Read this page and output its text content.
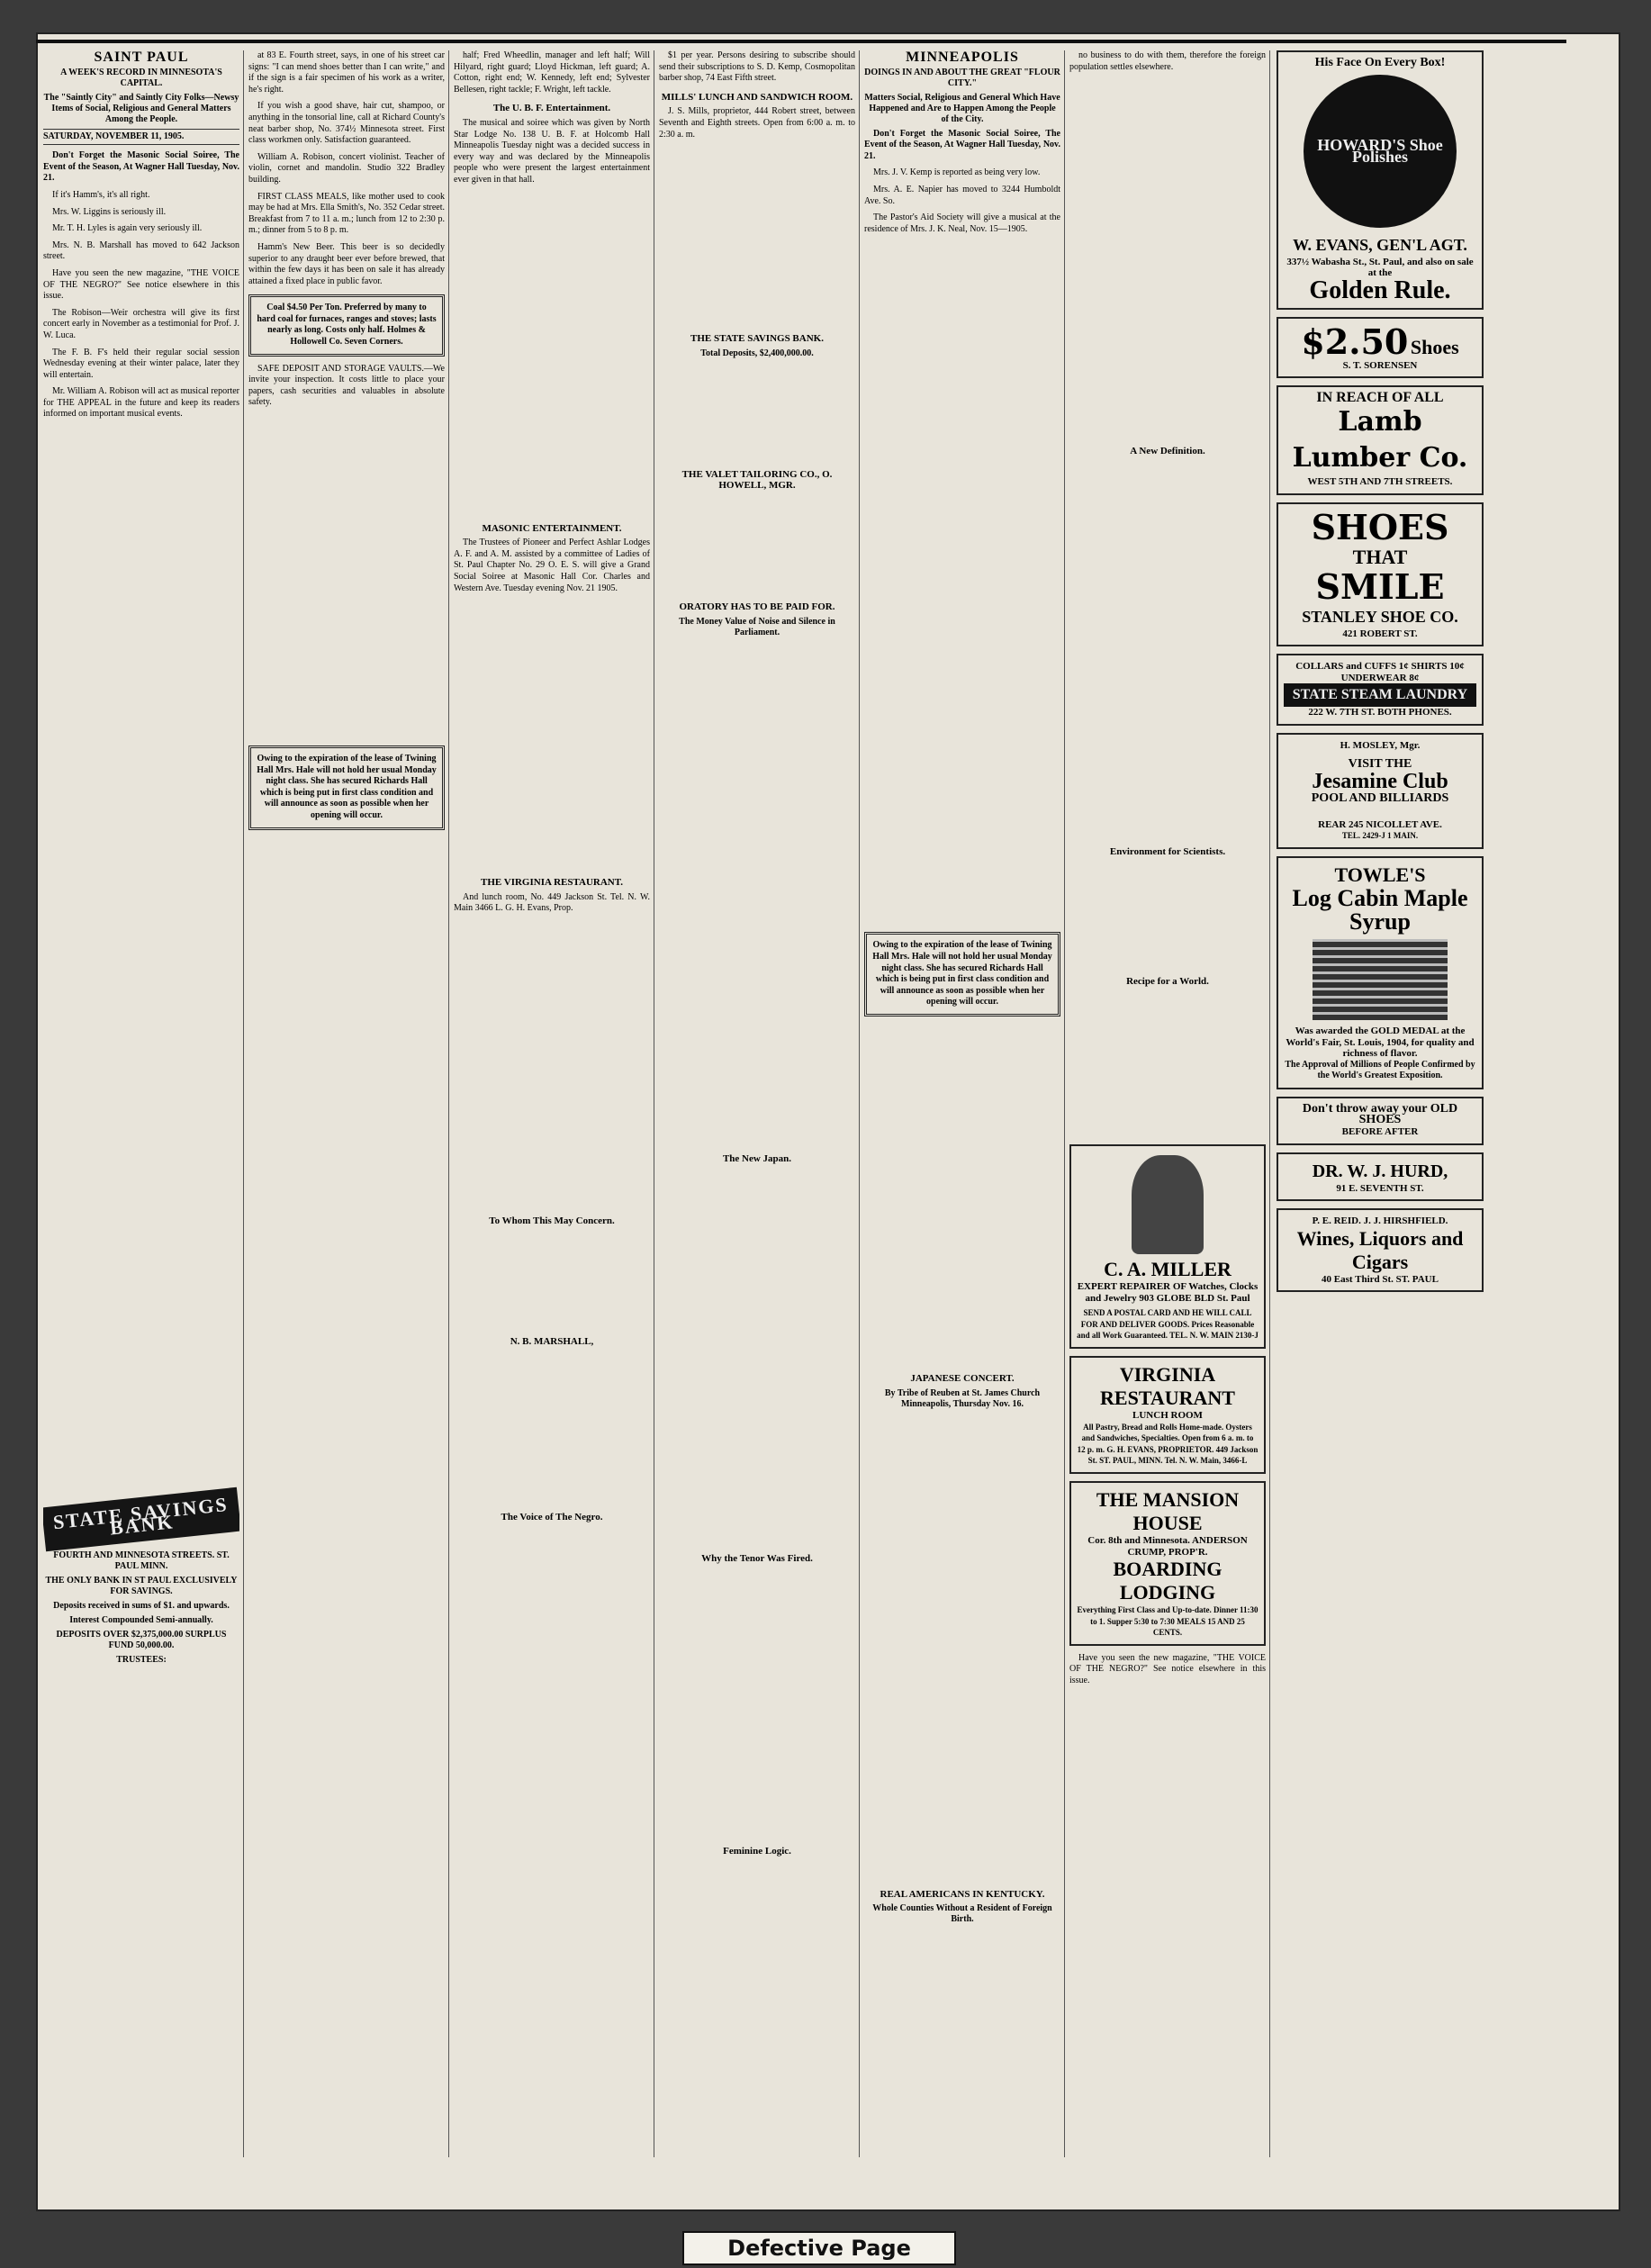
SAINT PAUL
A WEEK'S RECORD IN MINNESOTA'S CAPITAL.
The "Saintly City" and Saintly City Folks—Newsy Items of Social, Religious and General Matters Among the People.
SATURDAY, NOVEMBER 11, 1905.

Don't Forget the Masonic Social Soiree, The Event of the Season, At Wagner Hall Tuesday, Nov. 21.

If it's Hamm's, it's all right.

Mrs. W. Liggins is seriously ill.

Mr. T. H. Lyles is again very seriously ill.

Mrs. N. B. Marshall has moved to 642 Jackson street.

Have you seen the new magazine, "THE VOICE OF THE NEGRO?" See notice elsewhere in this issue.

The Robison—Weir orchestra will give its first concert early in November as a testimonial for Prof. J. W. Luca.

The F. B. F's held their regular social session Wednesday evening at their winter palace, later they will entertain.

Mr. William A. Robison will act as musical reporter for THE APPEAL in the future and keep its readers informed on important musical events.

STATE SAVINGS BANK
FOURTH AND MINNESOTA STREETS. ST. PAUL MINN.
THE ONLY BANK IN ST PAUL EXCLUSIVELY FOR SAVINGS.
Deposits received in sums of $1. and upwards.
Interest Compounded Semi-annually.
DEPOSITS OVER $2,375,000.00 SURPLUS FUND 50,000.00.
TRUSTEES:

at 83 E. Fourth street, says, in one of his street car signs: "I can mend shoes better than I can write," and if the sign is a fair specimen of his work as a writer, he's right.

If you wish a good shave, hair cut, shampoo, or anything in the tonsorial line, call at Richard County's neat barber shop, No. 374½ Minnesota street. First class workmen only. Satisfaction guaranteed.

William A. Robison, concert violinist. Teacher of violin, cornet and mandolin. Studio 322 Bradley building.

FIRST CLASS MEALS, like mother used to cook may be had at Mrs. Ella Smith's, No. 352 Cedar street. Breakfast from 7 to 11 a. m.; lunch from 12 to 2:30 p. m.; dinner from 5 to 8 p. m.

Hamm's New Beer. This beer is so decidedly superior to any draught beer ever before brewed, that within the few days it has been on sale it has already attained a fixed place in public favor.

Coal $4.50 Per Ton. Preferred by many to hard coal for furnaces, ranges and stoves; lasts nearly as long. Costs only half. Holmes & Hollowell Co. Seven Corners.

SAFE DEPOSIT AND STORAGE VAULTS.—We invite your inspection. It costs little to place your papers, cash securities and valuables in absolute safety.

Owing to the expiration of the lease of Twining Hall Mrs. Hale will not hold her usual Monday night class. She has secured Richards Hall which is being put in first class condition and will announce as soon as possible when her opening will occur.

half; Fred Wheedlin, manager and left half; Will Hilyard, right guard; Lloyd Hickman, left guard; A. Cotton, right end; W. Kennedy, left end; Sylvester Bellesen, right tackle; F. Wright, left tackle.

The U. B. F. Entertainment.

The musical and soiree which was given by North Star Lodge No. 138 U. B. F. at Holcomb Hall Minneapolis Tuesday night was a decided success in every way and was declared by the Minneapolis people who were present the largest entertainment ever given in that hall.

MASONIC ENTERTAINMENT.

The Trustees of Pioneer and Perfect Ashlar Lodges A. F. and A. M. assisted by a committee of Ladies of St. Paul Chapter No. 29 O. E. S. will give a Grand Social Soiree at Masonic Hall Cor. Charles and Western Ave. Tuesday evening Nov. 21 1905.

THE VIRGINIA RESTAURANT.

And lunch room, No. 449 Jackson St. Tel. N. W. Main 3466 L. G. H. Evans, Prop.

To Whom This May Concern.
N. B. MARSHALL,
The Voice of The Negro.

$1 per year. Persons desiring to subscribe should send their subscriptions to S. D. Kemp, Cosmopolitan barber shop, 74 East Fifth street.

MILLS' LUNCH AND SANDWICH ROOM.

J. S. Mills, proprietor, 444 Robert street, between Seventh and Eighth streets. Open from 6:00 a. m. to 2:30 a. m.

THE STATE SAVINGS BANK.
Total Deposits, $2,400,000.00.
THE VALET TAILORING CO., O. HOWELL, MGR.
ORATORY HAS TO BE PAID FOR.
The Money Value of Noise and Silence in Parliament.
The New Japan.
Why the Tenor Was Fired.
Feminine Logic.
MINNEAPOLIS
DOINGS IN AND ABOUT THE GREAT "FLOUR CITY."
Matters Social, Religious and General Which Have Happened and Are to Happen Among the People of the City.

Don't Forget the Masonic Social Soiree, The Event of the Season, At Wagner Hall Tuesday, Nov. 21.

Mrs. J. V. Kemp is reported as being very low.

Mrs. A. E. Napier has moved to 3244 Humboldt Ave. So.

The Pastor's Aid Society will give a musical at the residence of Mrs. J. K. Neal, Nov. 15—1905.

Owing to the expiration of the lease of Twining Hall Mrs. Hale will not hold her usual Monday night class. She has secured Richards Hall which is being put in first class condition and will announce as soon as possible when her opening will occur.
JAPANESE CONCERT.
By Tribe of Reuben at St. James Church Minneapolis, Thursday Nov. 16.
REAL AMERICANS IN KENTUCKY.
Whole Counties Without a Resident of Foreign Birth.

no business to do with them, therefore the foreign population settles elsewhere.

A New Definition.
Environment for Scientists.
Recipe for a World.
C. A. MILLER
EXPERT REPAIRER OF Watches, Clocks and Jewelry 903 GLOBE BLD St. Paul
SEND A POSTAL CARD AND HE WILL CALL FOR AND DELIVER GOODS. Prices Reasonable and all Work Guaranteed. TEL. N. W. MAIN 2130-J
VIRGINIA RESTAURANT
LUNCH ROOM
All Pastry, Bread and Rolls Home-made. Oysters and Sandwiches, Specialties. Open from 6 a. m. to 12 p. m. G. H. EVANS, PROPRIETOR. 449 Jackson St. ST. PAUL, MINN. Tel. N. W. Main, 3466-L
THE MANSION HOUSE
Cor. 8th and Minnesota. ANDERSON CRUMP, PROP'R.
BOARDING LODGING
Everything First Class and Up-to-date. Dinner 11:30 to 1. Supper 5:30 to 7:30 MEALS 15 AND 25 CENTS.

Have you seen the new magazine, "THE VOICE OF THE NEGRO?" See notice elsewhere in this issue.

His Face On Every Box!
HOWARD'S Shoe Polishes
W. EVANS, GEN'L AGT.
337½ Wabasha St., St. Paul, and also on sale at the
Golden Rule.
$2.50 Shoes
S. T. SORENSEN
IN REACH OF ALL
Lamb Lumber Co.
WEST 5TH AND 7TH STREETS.
SHOES
THAT
SMILE
STANLEY SHOE CO.
421 ROBERT ST.
COLLARS and CUFFS 1¢ SHIRTS 10¢ UNDERWEAR 8¢
STATE STEAM LAUNDRY
222 W. 7TH ST. BOTH PHONES.
H. MOSLEY, Mgr.
VISIT THE
Jesamine Club
POOL AND BILLIARDS
REAR 245 NICOLLET AVE.
TEL. 2429-J 1 MAIN.
TOWLE'S
Log Cabin Maple Syrup
Was awarded the GOLD MEDAL at the World's Fair, St. Louis, 1904, for quality and richness of flavor.
The Approval of Millions of People Confirmed by the World's Greatest Exposition.
Don't throw away your OLD SHOES
BEFORE AFTER
DR. W. J. HURD,
91 E. SEVENTH ST.
P. E. REID. J. J. HIRSHFIELD.
Wines, Liquors and Cigars
40 East Third St. ST. PAUL
Defective Page
